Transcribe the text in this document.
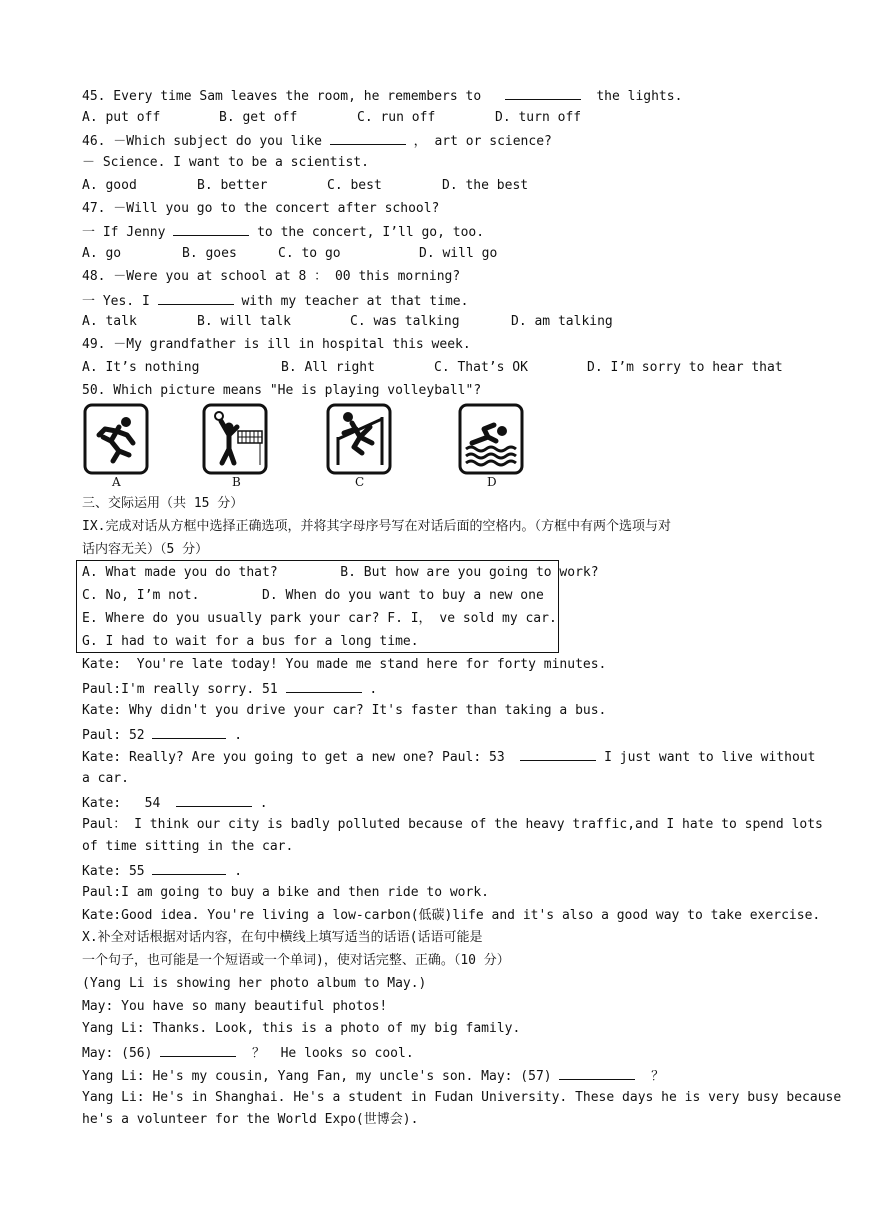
45. Every time Sam leaves the room, he remembers to	the lights.
A. put off	B. get off	C. run off	D. turn off
46. －Which subject do you like	， art or science?
－ Science. I want to be a scientist.
A. good	B. better	C. best	D. the best
47. －Will you go to the concert after school?
一 If Jenny	to the concert, I’ll go, too.
A. go	B. goes	C. to go	D. will go
48. －Were you at school at 8 ： 00 this morning?
一 Yes. I	with my teacher at that time.
A. talk	B. will talk	C. was talking	D. am talking
49. －My grandfather is ill in hospital this week.
A. It’s nothing	B. All right	C. That’s OK	D. I’m sorry to hear that
50. Which picture means "He is playing volleyball"?
A	B	C	D
三、交际运用（共 15 分）
IX.完成对话从方框中选择正确选项，并将其字母序号写在对话后面的空格内。（方框中有两个选项与对
话内容无关）（5 分）
A. What made you do that?        B. But how are you going to work?
C. No, I’m not.        D. When do you want to buy a new one
E. Where do you usually park your car? F. I， ve sold my car.
G. I had to wait for a bus for a long time.
Kate:  You're late today! You made me stand here for forty minutes.
Paul:I'm really sorry. 51	.
Kate: Why didn't you drive your car? It's faster than taking a bus.
Paul: 52	.
Kate: Really? Are you going to get a new one? Paul: 53	I just want to live without
a car.
Kate:   54	.
Paul： I think our city is badly polluted because of the heavy traffic,and I hate to spend lots
of time sitting in the car.
Kate: 55	.
Paul:I am going to buy a bike and then ride to work.
Kate:Good idea. You're living a low-carbon(低碳)life and it's also a good way to take exercise.
X.补全对话根据对话内容，在句中横线上填写适当的话语(话语可能是
一个句子，也可能是一个短语或一个单词)，使对话完整、正确。（10 分）
(Yang Li is showing her photo album to May.)
May: You have so many beautiful photos!
Yang Li: Thanks. Look, this is a photo of my big family.
May: (56)	？  He looks so cool.
Yang Li: He's my cousin, Yang Fan, my uncle's son. May: (57)	？
Yang Li: He's in Shanghai. He's a student in Fudan University. These days he is very busy because
he's a volunteer for the World Expo(世博会).
